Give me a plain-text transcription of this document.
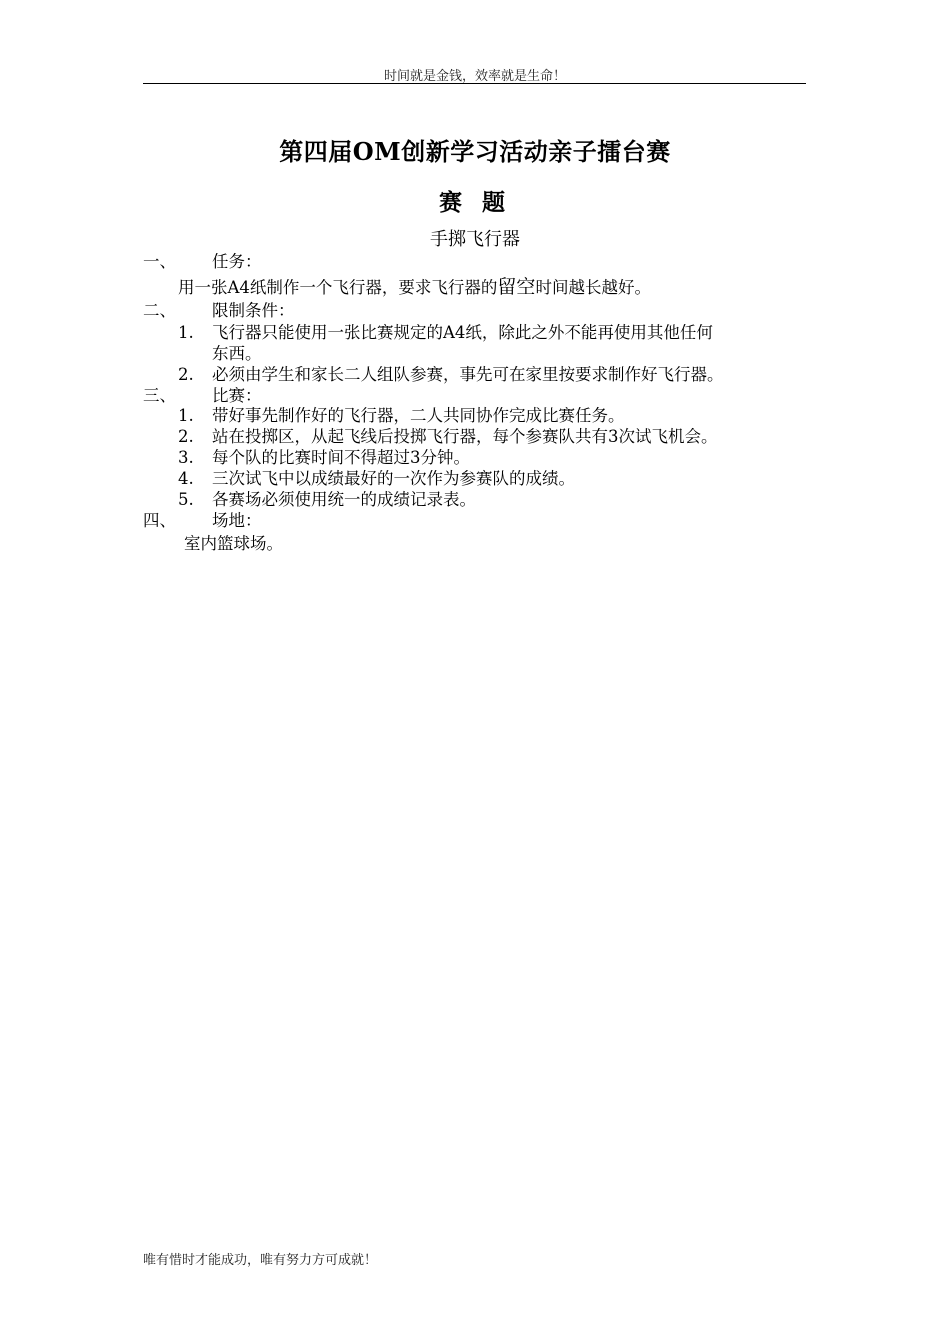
时间就是金钱，效率就是生命！
第四届OM创新学习活动亲子擂台赛
赛 题
手掷飞行器
一、 任务：
用一张A4纸制作一个飞行器，要求飞行器的留空时间越长越好。
二、 限制条件：
1. 飞行器只能使用一张比赛规定的A4纸，除此之外不能再使用其他任何
东西。
2. 必须由学生和家长二人组队参赛，事先可在家里按要求制作好飞行器。
三、 比赛：
1. 带好事先制作好的飞行器，二人共同协作完成比赛任务。
2. 站在投掷区，从起飞线后投掷飞行器，每个参赛队共有3次试飞机会。
3. 每个队的比赛时间不得超过3分钟。
4. 三次试飞中以成绩最好的一次作为参赛队的成绩。
5. 各赛场必须使用统一的成绩记录表。
四、 场地：
室内篮球场。
唯有惜时才能成功，唯有努力方可成就！
